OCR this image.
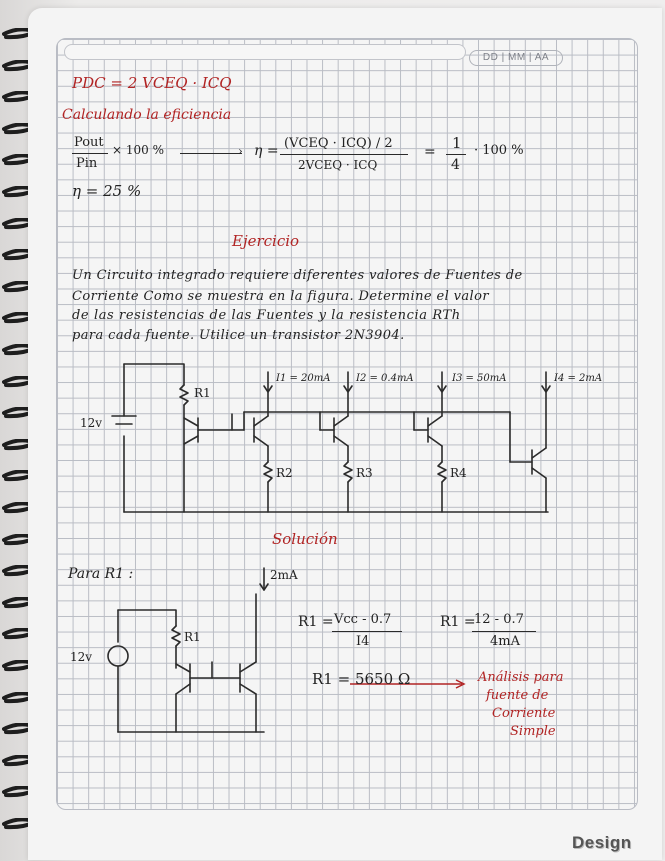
DD | MM | AA
PDC = 2 VCEQ · ICQ
Calculando la eficiencia
Pout
Pin
× 100 %	› η = (VCEQ · ICQ) / 2
2VCEQ · ICQ
= 1
4
· 100 %
η = 25 %
Ejercicio
Un Circuito integrado requiere diferentes valores de Fuentes de
Corriente Como se muestra en la figura. Determine el valor
de las resistencias de las Fuentes y la resistencia RTh
para cada fuente. Utilice un transistor 2N3904.
12v
R1
R2	R3	R4
I1 = 20mA	I2 = 0.4mA	I3 = 50mA	I4 = 2mA
Solución
Para R1 :	2mA
12v
R1
R1 = Vcc - 0.7
I4
R1 =
12 - 0.7
4mA
R1 = 5650 Ω	Análisis para
fuente de
Corriente
Simple
Design
